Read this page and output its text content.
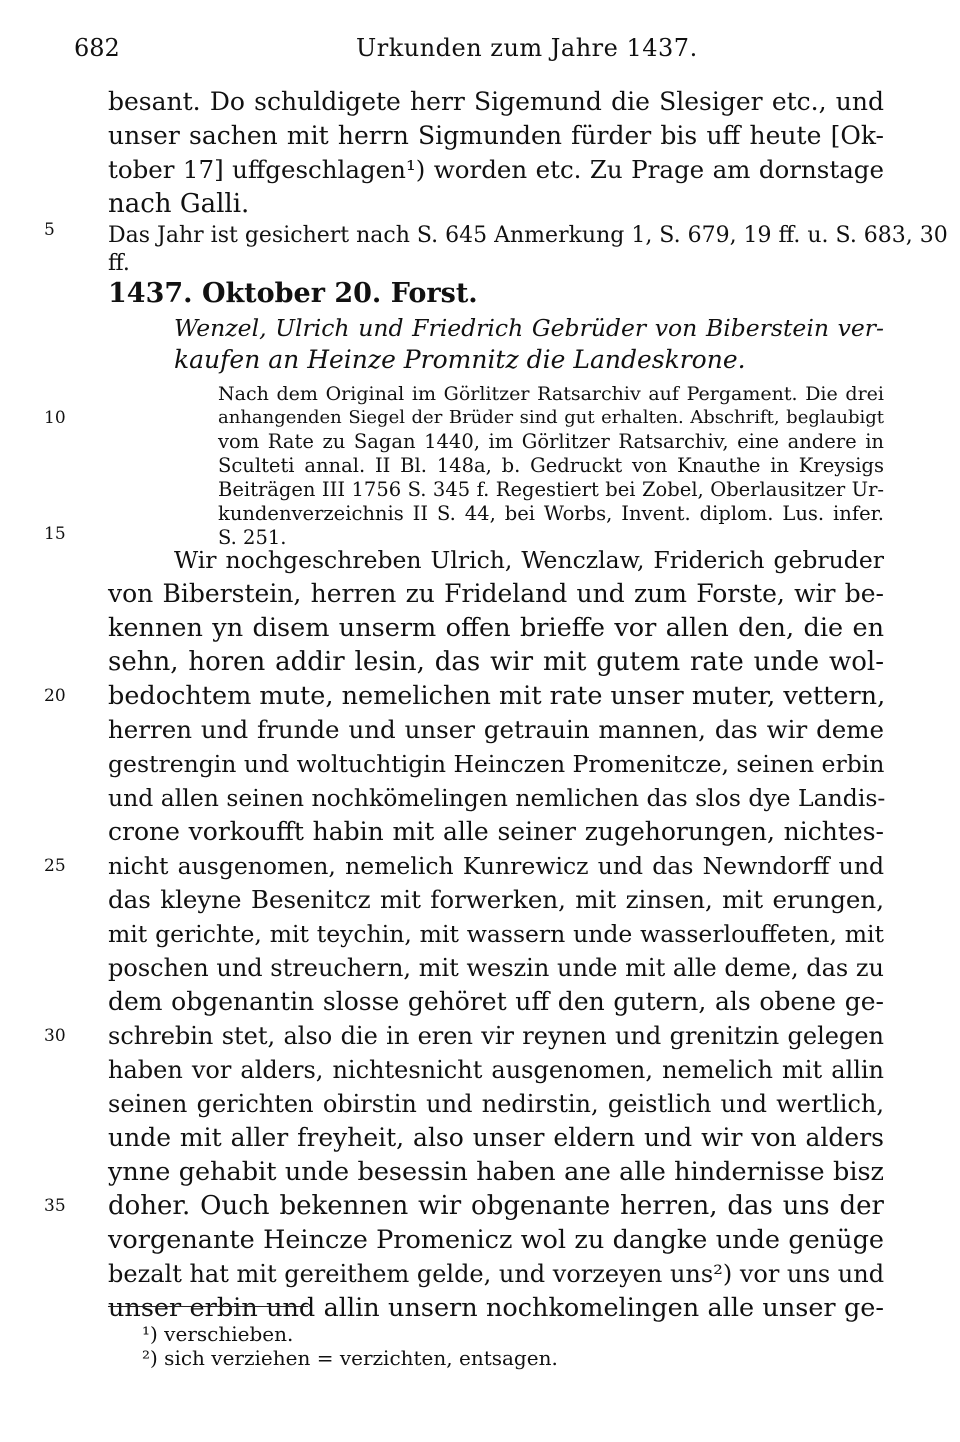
682	Urkunden zum Jahre 1437.
besant. Do schuldigete herr Sigemund die Slesiger etc., und
unser sachen mit herrn Sigmunden fürder bis uff heute [Ok-
tober 17] uffgeschlagen¹) worden etc. Zu Prage am dornstage
nach Galli.
Das Jahr ist gesichert nach S. 645 Anmerkung 1, S. 679, 19 ff. u. S. 683, 30 ff.
1437. Oktober 20. Forst.
Wenzel, Ulrich und Friedrich Gebrüder von Biberstein ver-
kaufen an Heinze Promnitz die Landeskrone.
Nach dem Original im Görlitzer Ratsarchiv auf Pergament. Die drei
anhangenden Siegel der Brüder sind gut erhalten. Abschrift, beglaubigt
vom Rate zu Sagan 1440, im Görlitzer Ratsarchiv, eine andere in
Sculteti annal. II Bl. 148a, b. Gedruckt von Knauthe in Kreysigs
Beiträgen III 1756 S. 345 f. Regestiert bei Zobel, Oberlausitzer Ur-
kundenverzeichnis II S. 44, bei Worbs, Invent. diplom. Lus. infer.
S. 251.
Wir nochgeschreben Ulrich, Wenczlaw, Friderich gebruder
von Biberstein, herren zu Frideland und zum Forste, wir be-
kennen yn disem unserm offen brieffe vor allen den, die en
sehn, horen addir lesin, das wir mit gutem rate unde wol-
bedochtem mute, nemelichen mit rate unser muter, vettern,
herren und frunde und unser getrauin mannen, das wir deme
gestrengin und woltuchtigin Heinczen Promenitcze, seinen erbin
und allen seinen nochkömelingen nemlichen das slos dye Landis-
crone vorkoufft habin mit alle seiner zugehorungen, nichtes-
nicht ausgenomen, nemelich Kunrewicz und das Newndorff und
das kleyne Besenitcz mit forwerken, mit zinsen, mit erungen,
mit gerichte, mit teychin, mit wassern unde wasserlouffeten, mit
poschen und streuchern, mit weszin unde mit alle deme, das zu
dem obgenantin slosse gehöret uff den gutern, als obene ge-
schrebin stet, also die in eren vir reynen und grenitzin gelegen
haben vor alders, nichtesnicht ausgenomen, nemelich mit allin
seinen gerichten obirstin und nedirstin, geistlich und wertlich,
unde mit aller freyheit, also unser eldern und wir von alders
ynne gehabit unde besessin haben ane alle hindernisse bisz
doher. Ouch bekennen wir obgenante herren, das uns der
vorgenante Heincze Promenicz wol zu dangke unde genüge
bezalt hat mit gereithem gelde, und vorzeyen uns²) vor uns und
unser erbin und allin unsern nochkomelingen alle unser ge-
5
10
15
20
25
30
35
¹) verschieben.
²) sich verziehen = verzichten, entsagen.
